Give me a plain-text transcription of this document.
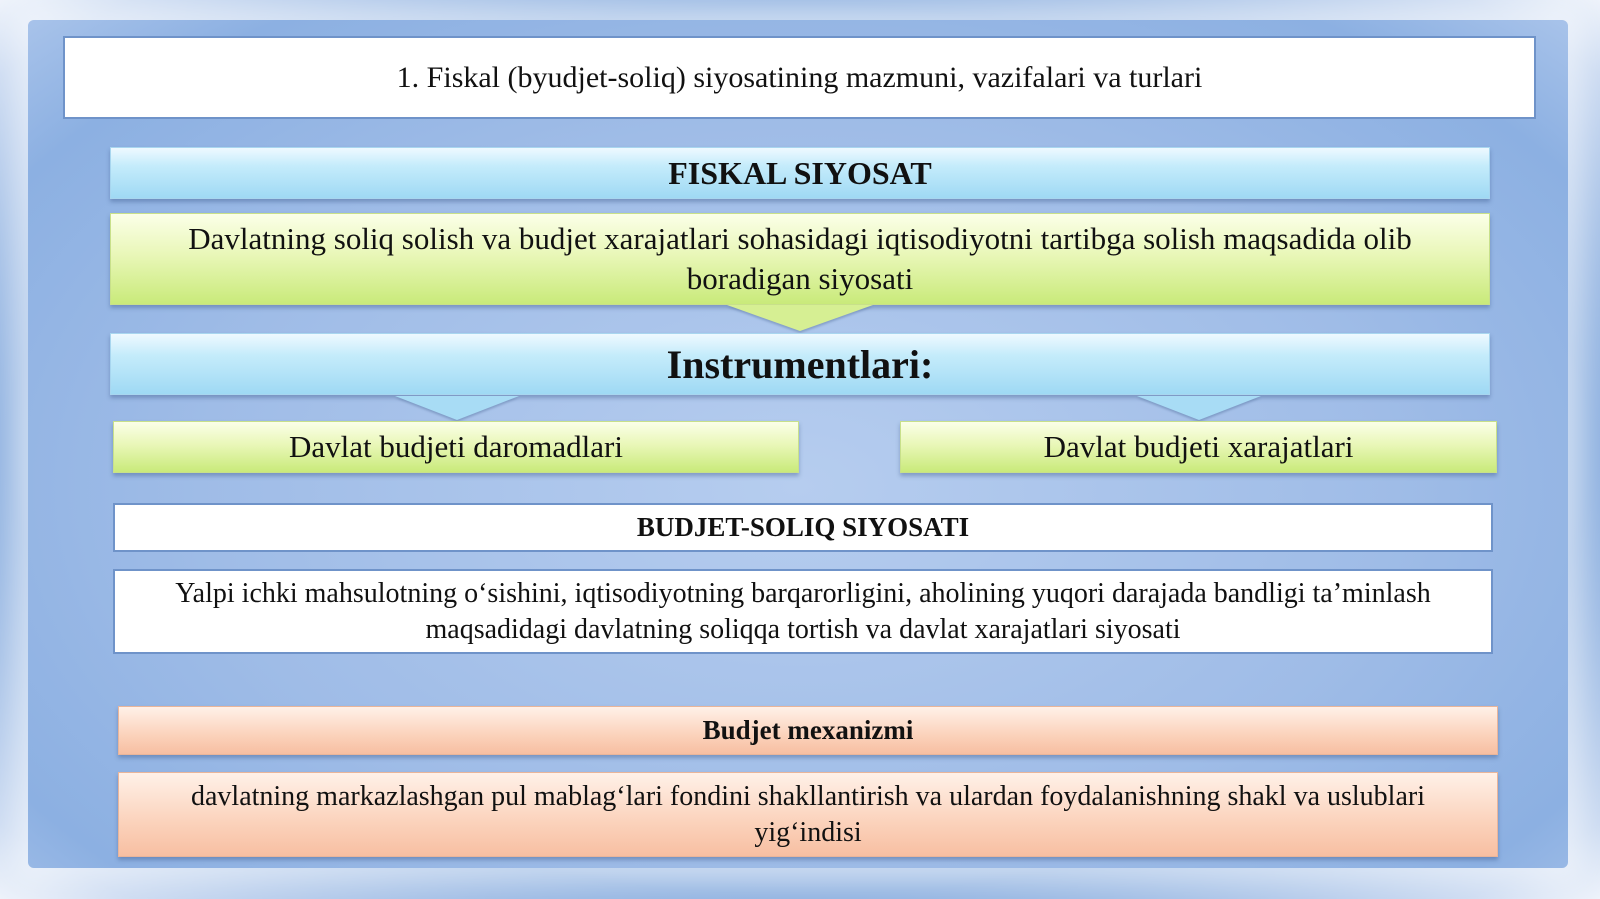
1. Fiskal (byudjet-soliq) siyosatining mazmuni, vazifalari va turlari
FISKAL SIYOSAT
Davlatning soliq solish va budjet xarajatlari sohasidagi iqtisodiyotni tartibga solish maqsadida olib boradigan siyosati
Instrumentlari:
Davlat budjeti daromadlari	Davlat budjeti xarajatlari
BUDJET-SOLIQ SIYOSATI
Yalpi ichki mahsulotning o‘sishini, iqtisodiyotning barqarorligini, aholining yuqori darajada bandligi ta’minlash maqsadidagi davlatning soliqqa tortish va davlat xarajatlari siyosati
Budjet mexanizmi
davlatning markazlashgan pul mablag‘lari fondini shakllantirish va ulardan foydalanishning shakl va uslublari yig‘indisi
